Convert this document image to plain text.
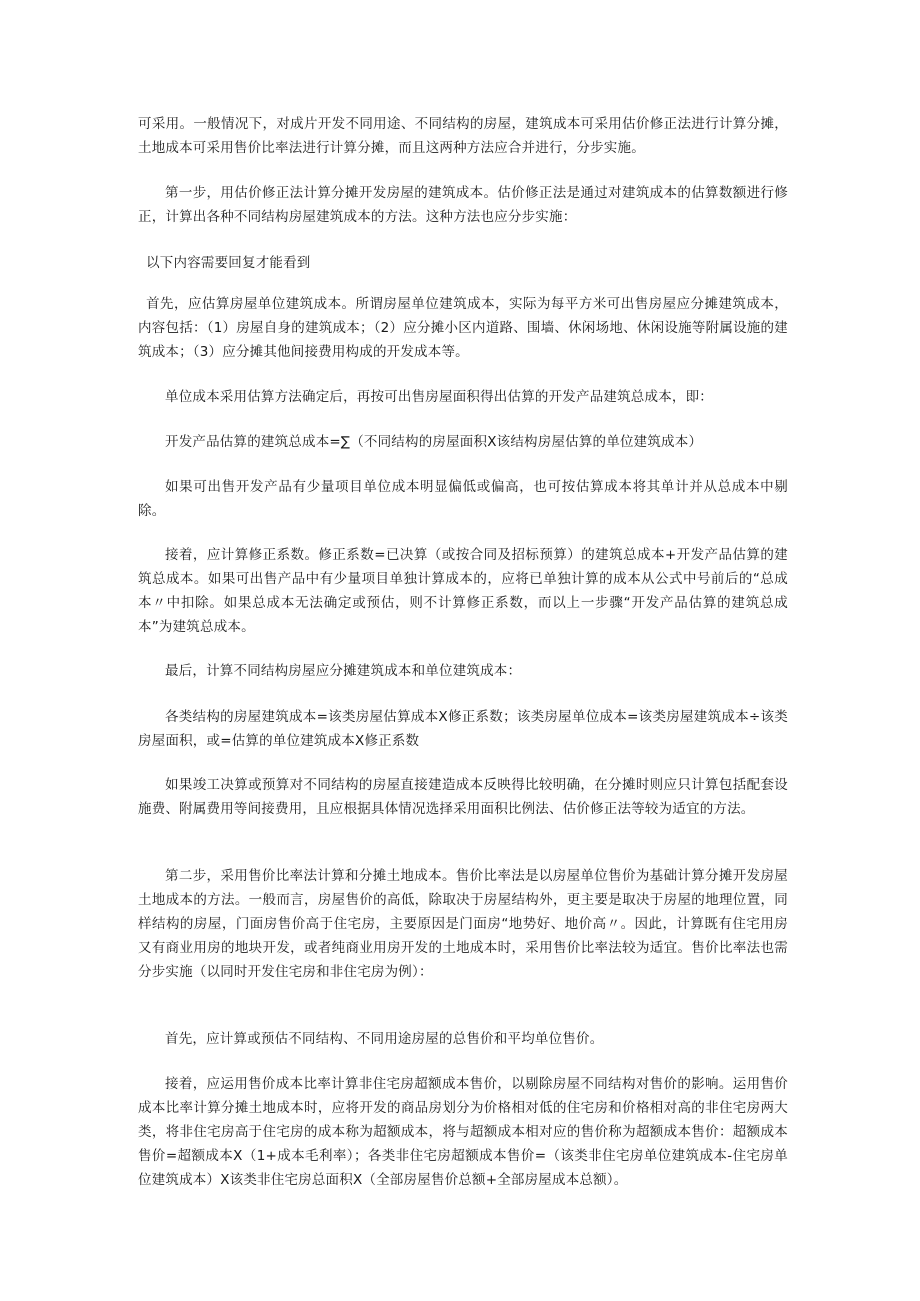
可采用。一般情况下，对成片开发不同用途、不同结构的房屋，建筑成本可采用估价修正法进行计算分摊，土地成本可采用售价比率法进行计算分摊，而且这两种方法应合并进行，分步实施。

第一步，用估价修正法计算分摊开发房屋的建筑成本。估价修正法是通过对建筑成本的估算数额进行修正，计算出各种不同结构房屋建筑成本的方法。这种方法也应分步实施：

以下内容需要回复才能看到

首先，应估算房屋单位建筑成本。所谓房屋单位建筑成本，实际为每平方米可出售房屋应分摊建筑成本，内容包括：（1）房屋自身的建筑成本；（2）应分摊小区内道路、围墙、休闲场地、休闲设施等附属设施的建筑成本；（3）应分摊其他间接费用构成的开发成本等。

单位成本采用估算方法确定后，再按可出售房屋面积得出估算的开发产品建筑总成本，即：

开发产品估算的建筑总成本=∑（不同结构的房屋面积X该结构房屋估算的单位建筑成本）

如果可出售开发产品有少量项目单位成本明显偏低或偏高，也可按估算成本将其单计并从总成本中剔除。

接着，应计算修正系数。修正系数=已决算（或按合同及招标预算）的建筑总成本+开发产品估算的建筑总成本。如果可出售产品中有少量项目单独计算成本的，应将已单独计算的成本从公式中号前后的“总成本〃中扣除。如果总成本无法确定或预估，则不计算修正系数，而以上一步骤“开发产品估算的建筑总成本”为建筑总成本。

最后，计算不同结构房屋应分摊建筑成本和单位建筑成本：

各类结构的房屋建筑成本=该类房屋估算成本X修正系数；该类房屋单位成本=该类房屋建筑成本÷该类房屋面积，或=估算的单位建筑成本X修正系数

如果竣工决算或预算对不同结构的房屋直接建造成本反映得比较明确，在分摊时则应只计算包括配套设施费、附属费用等间接费用，且应根据具体情况选择采用面积比例法、估价修正法等较为适宜的方法。

第二步，采用售价比率法计算和分摊土地成本。售价比率法是以房屋单位售价为基础计算分摊开发房屋土地成本的方法。一般而言，房屋售价的高低，除取决于房屋结构外，更主要是取决于房屋的地理位置，同样结构的房屋，门面房售价高于住宅房，主要原因是门面房“地势好、地价高〃。因此，计算既有住宅用房又有商业用房的地块开发，或者纯商业用房开发的土地成本时，采用售价比率法较为适宜。售价比率法也需分步实施（以同时开发住宅房和非住宅房为例）：

首先，应计算或预估不同结构、不同用途房屋的总售价和平均单位售价。

接着，应运用售价成本比率计算非住宅房超额成本售价，以剔除房屋不同结构对售价的影响。运用售价成本比率计算分摊土地成本时，应将开发的商品房划分为价格相对低的住宅房和价格相对高的非住宅房两大类，将非住宅房高于住宅房的成本称为超额成本，将与超额成本相对应的售价称为超额成本售价：超额成本售价=超额成本X（1+成本毛利率）；各类非住宅房超额成本售价=（该类非住宅房单位建筑成本-住宅房单位建筑成本）X该类非住宅房总面积X（全部房屋售价总额+全部房屋成本总额）。
